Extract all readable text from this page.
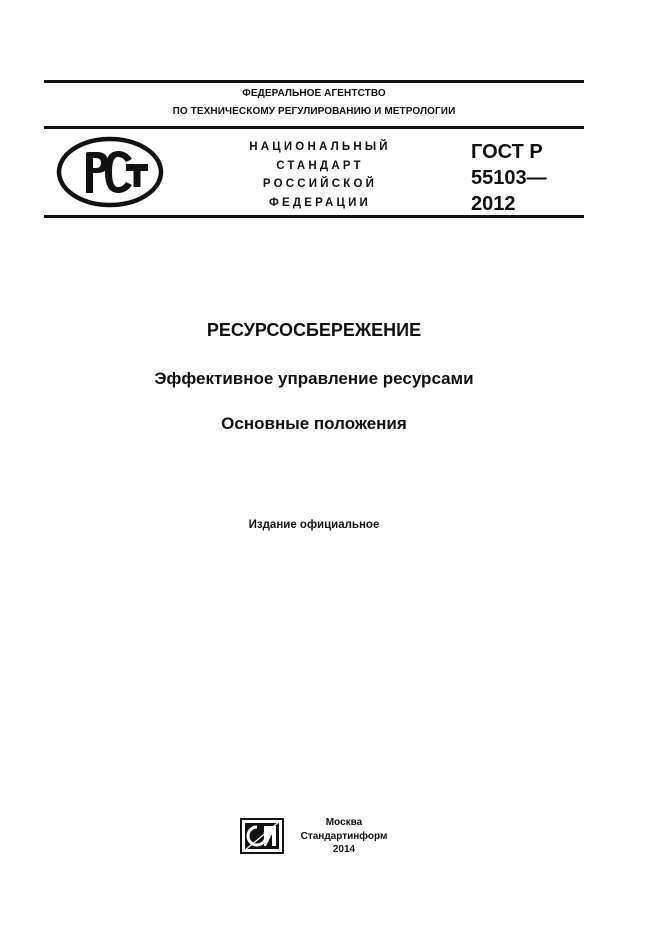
ФЕДЕРАЛЬНОЕ АГЕНТСТВО
ПО ТЕХНИЧЕСКОМУ РЕГУЛИРОВАНИЮ И МЕТРОЛОГИИ
НАЦИОНАЛЬНЫЙ
СТАНДАРТ
РОССИЙСКОЙ
ФЕДЕРАЦИИ
ГОСТ Р
55103—
2012
РЕСУРСОСБЕРЕЖЕНИЕ
Эффективное управление ресурсами
Основные положения
Издание официальное
Москва
Стандартинформ
2014
